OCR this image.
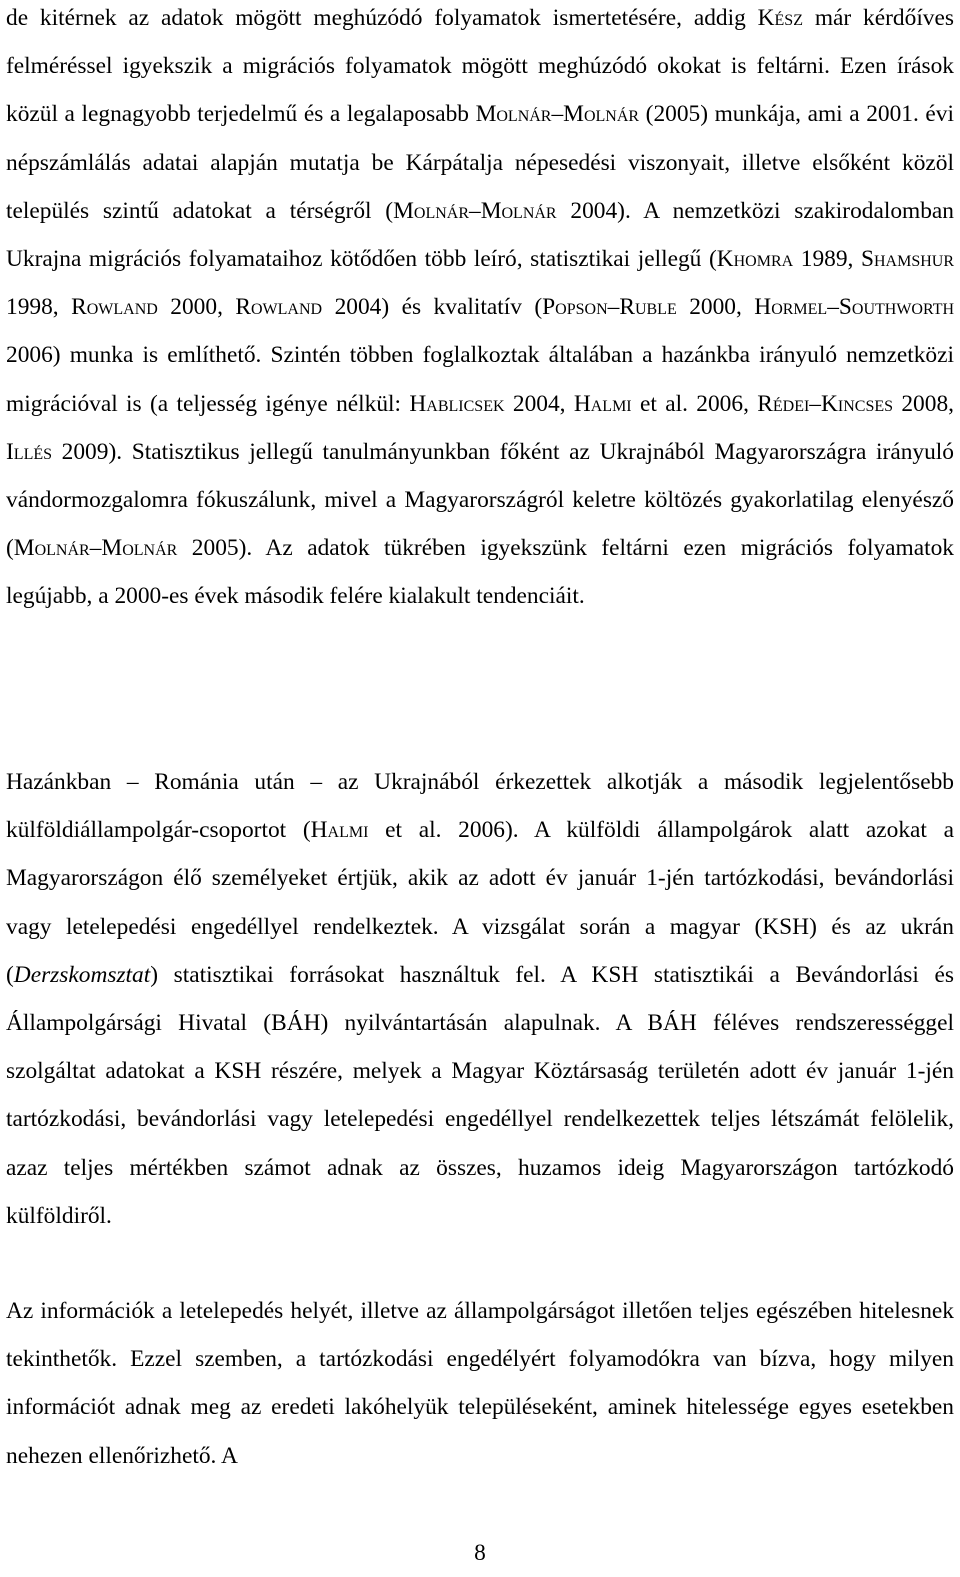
de kitérnek az adatok mögött meghúzódó folyamatok ismertetésére, addig Kész már kérdőíves felméréssel igyekszik a migrációs folyamatok mögött meghúzódó okokat is feltárni. Ezen írások közül a legnagyobb terjedelmű és a legalaposabb Molnár–Molnár (2005) munkája, ami a 2001. évi népszámlálás adatai alapján mutatja be Kárpátalja népesedési viszonyait, illetve elsőként közöl település szintű adatokat a térségről (Molnár–Molnár 2004). A nemzetközi szakirodalomban Ukrajna migrációs folyamataihoz kötődően több leíró, statisztikai jellegű (Khomra 1989, Shamshur 1998, Rowland 2000, Rowland 2004) és kvalitatív (Popson–Ruble 2000, Hormel–Southworth 2006) munka is említhető. Szintén többen foglalkoztak általában a hazánkba irányuló nemzetközi migrációval is (a teljesség igénye nélkül: Hablicsek 2004, Halmi et al. 2006, Rédei–Kincses 2008, Illés 2009). Statisztikus jellegű tanulmányunkban főként az Ukrajnából Magyarországra irányuló vándormozgalomra fókuszálunk, mivel a Magyarországról keletre költözés gyakorlatilag elenyésző (Molnár–Molnár 2005). Az adatok tükrében igyekszünk feltárni ezen migrációs folyamatok legújabb, a 2000-es évek második felére kialakult tendenciáit.

Hazánkban – Románia után – az Ukrajnából érkezettek alkotják a második legjelentősebb külföldiállampolgár-csoportot (Halmi et al. 2006). A külföldi állampolgárok alatt azokat a Magyarországon élő személyeket értjük, akik az adott év január 1-jén tartózkodási, bevándorlási vagy letelepedési engedéllyel rendelkeztek. A vizsgálat során a magyar (KSH) és az ukrán (Derzskomsztat) statisztikai forrásokat használtuk fel. A KSH statisztikái a Bevándorlási és Állampolgársági Hivatal (BÁH) nyilvántartásán alapulnak. A BÁH féléves rendszerességgel szolgáltat adatokat a KSH részére, melyek a Magyar Köztársaság területén adott év január 1-jén tartózkodási, bevándorlási vagy letelepedési engedéllyel rendelkezettek teljes létszámát felölelik, azaz teljes mértékben számot adnak az összes, huzamos ideig Magyarországon tartózkodó külföldiről.

Az információk a letelepedés helyét, illetve az állampolgárságot illetően teljes egészében hitelesnek tekinthetők. Ezzel szemben, a tartózkodási engedélyért folyamodókra van bízva, hogy milyen információt adnak meg az eredeti lakóhelyük településeként, aminek hitelessége egyes esetekben nehezen ellenőrizhető. A

8
